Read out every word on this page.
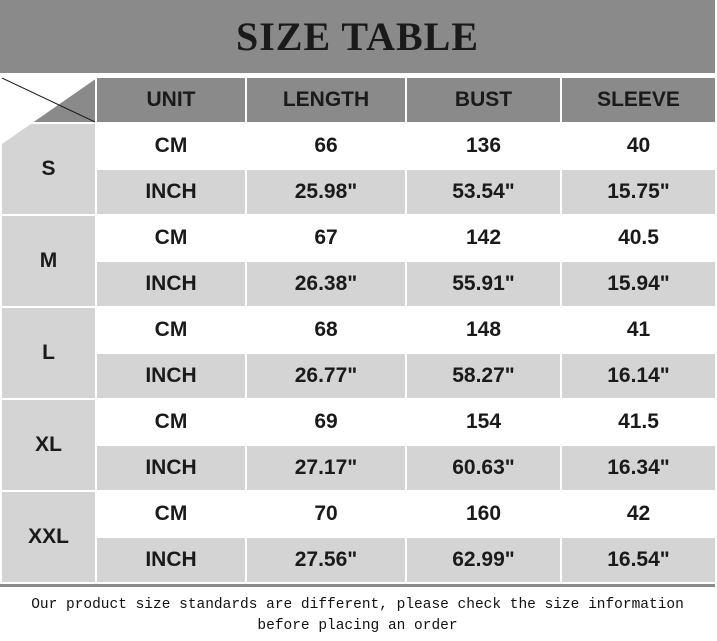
SIZE TABLE
	UNIT	LENGTH	BUST	SLEEVE
S	CM	66	136	40
	INCH	25.98"	53.54"	15.75"
M	CM	67	142	40.5
	INCH	26.38"	55.91"	15.94"
L	CM	68	148	41
	INCH	26.77"	58.27"	16.14"
XL	CM	69	154	41.5
	INCH	27.17"	60.63"	16.34"
XXL	CM	70	160	42
	INCH	27.56"	62.99"	16.54"
Our product size standards are different, please check the size information
before placing an order
